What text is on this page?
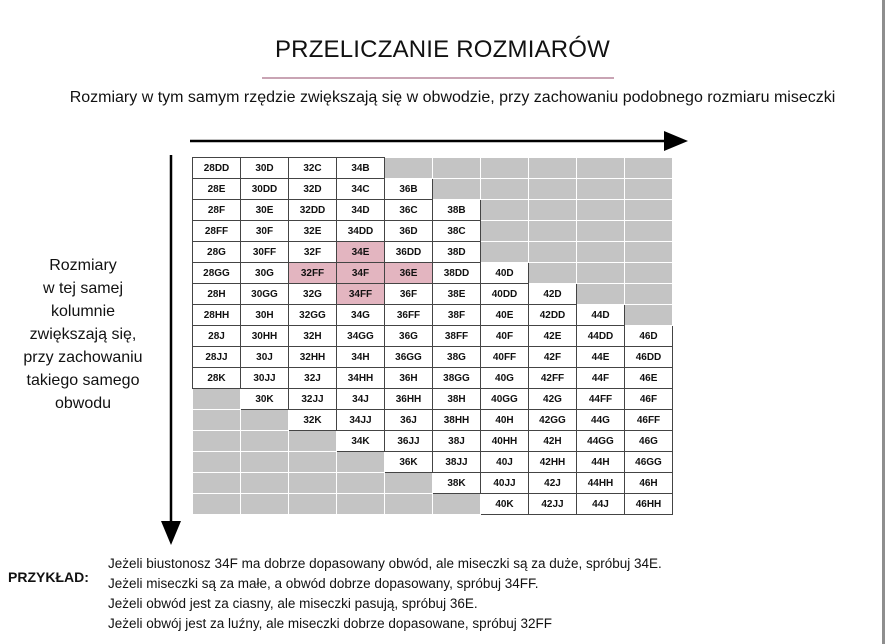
PRZELICZANIE ROZMIARÓW
Rozmiary w tym samym rzędzie zwiększają się w obwodzie, przy zachowaniu podobnego rozmiaru miseczki
Rozmiary
w tej samej
kolumnie
zwiększają się,
przy zachowaniu
takiego samego
obwodu
28DD	30D	32C	34B						
28E	30DD	32D	34C	36B					
28F	30E	32DD	34D	36C	38B				
28FF	30F	32E	34DD	36D	38C				
28G	30FF	32F	34E	36DD	38D				
28GG	30G	32FF	34F	36E	38DD	40D			
28H	30GG	32G	34FF	36F	38E	40DD	42D		
28HH	30H	32GG	34G	36FF	38F	40E	42DD	44D	
28J	30HH	32H	34GG	36G	38FF	40F	42E	44DD	46D
28JJ	30J	32HH	34H	36GG	38G	40FF	42F	44E	46DD
28K	30JJ	32J	34HH	36H	38GG	40G	42FF	44F	46E
	30K	32JJ	34J	36HH	38H	40GG	42G	44FF	46F
		32K	34JJ	36J	38HH	40H	42GG	44G	46FF
			34K	36JJ	38J	40HH	42H	44GG	46G
				36K	38JJ	40J	42HH	44H	46GG
					38K	40JJ	42J	44HH	46H
						40K	42JJ	44J	46HH
PRZYKŁAD:
Jeżeli biustonosz 34F ma dobrze dopasowany obwód, ale miseczki są za duże, spróbuj 34E.
Jeżeli miseczki są za małe, a obwód dobrze dopasowany, spróbuj 34FF.
Jeżeli obwód jest za ciasny, ale miseczki pasują, spróbuj 36E.
Jeżeli obwój jest za luźny, ale miseczki dobrze dopasowane, spróbuj 32FF
